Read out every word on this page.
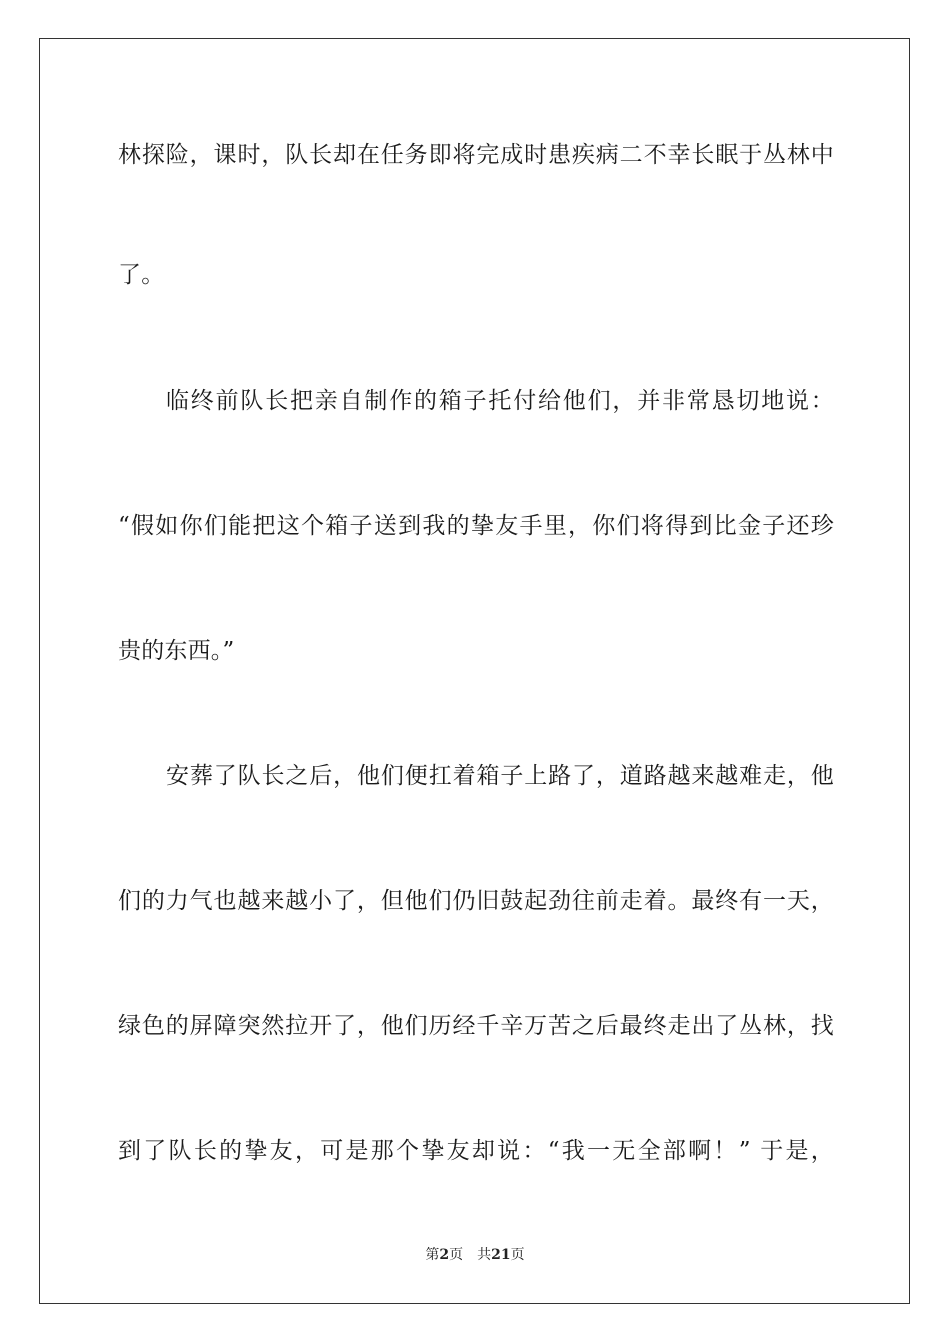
林探险，课时，队长却在任务即将完成时患疾病二不幸长眠于丛林中
了。
临终前队长把亲自制作的箱子托付给他们，并非常恳切地说：
“假如你们能把这个箱子送到我的挚友手里，你们将得到比金子还珍
贵的东西。”
安葬了队长之后，他们便扛着箱子上路了，道路越来越难走，他
们的力气也越来越小了，但他们仍旧鼓起劲往前走着。最终有一天，
绿色的屏障突然拉开了，他们历经千辛万苦之后最终走出了丛林，找
到了队长的挚友，可是那个挚友却说：“我一无全部啊！” 于是，
第2页 共21页
